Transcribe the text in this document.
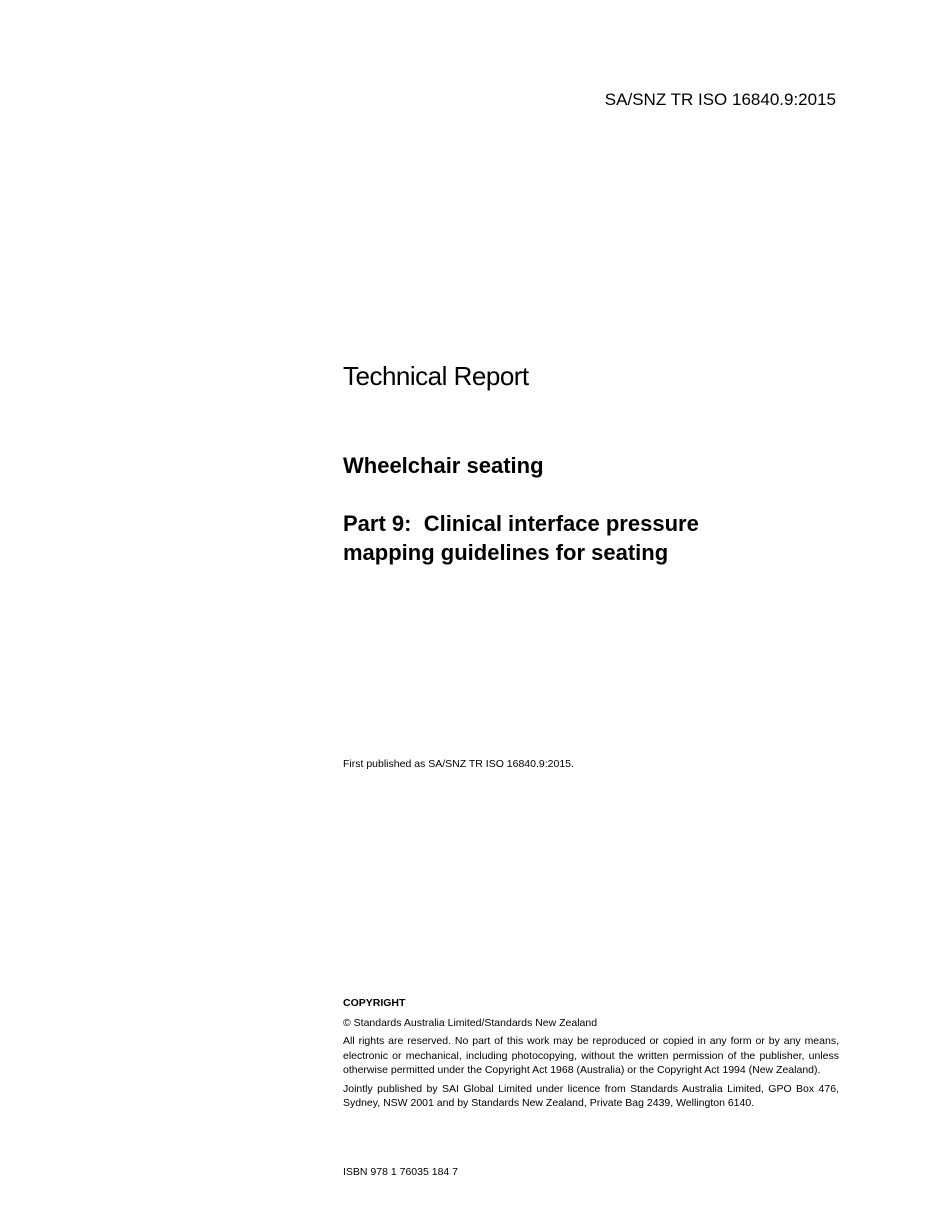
SA/SNZ TR ISO 16840.9:2015
Technical Report
Wheelchair seating
Part 9:  Clinical interface pressure
mapping guidelines for seating
First published as SA/SNZ TR ISO 16840.9:2015.
COPYRIGHT

© Standards Australia Limited/Standards New Zealand

All rights are reserved. No part of this work may be reproduced or copied in any form or by any means, electronic or mechanical, including photocopying, without the written permission of the publisher, unless otherwise permitted under the Copyright Act 1968 (Australia) or the Copyright Act 1994 (New Zealand).

Jointly published by SAI Global Limited under licence from Standards Australia Limited, GPO Box 476, Sydney, NSW 2001 and by Standards New Zealand, Private Bag 2439, Wellington 6140.

ISBN 978 1 76035 184 7
